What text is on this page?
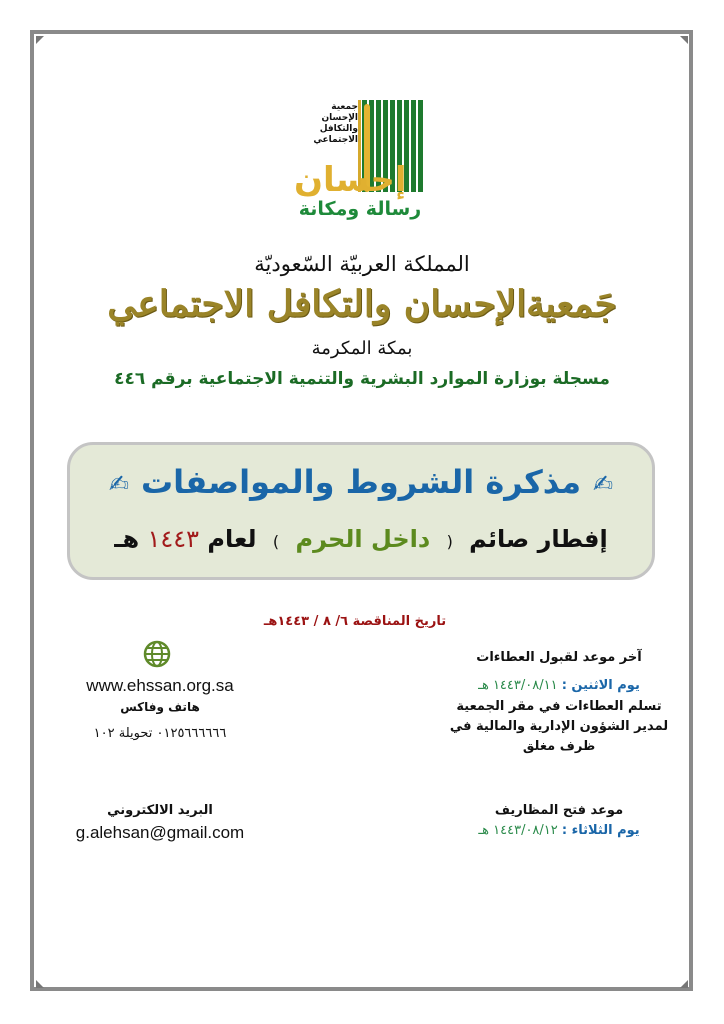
جمعية
الإحسان
والتكافل
الاجتماعي
إحسان
رسالة ومكانة
المملكة العربيّة السّعوديّة
جَمعيةالإحسان والتكافل الاجتماعي
بمكة المكرمة
مسجلة بوزارة الموارد البشرية والتنمية الاجتماعية برقم ٤٤٦
✍مذكرة الشروط والمواصفات✍
إفطار صائم ( داخل الحرم ) لعام ١٤٤٣ هـ
تاريخ المناقصة ٦/ ٨ / ١٤٤٣هـ
آخر موعد لقبول العطاءات
يوم الاثنين : ١٤٤٣/٠٨/١١ هـ
تسلم العطاءات في مقر الجمعية لمدير الشؤون الإدارية والمالية في ظرف مغلق
موعد فتح المظاريف
يوم الثلاثاء : ١٤٤٣/٠٨/١٢ هـ
www.ehssan.org.sa
هاتف وفاكس
٠١٢٥٦٦٦٦٦٦ تحويلة ١٠٢
البريد الالكتروني
g.alehsan@gmail.com
